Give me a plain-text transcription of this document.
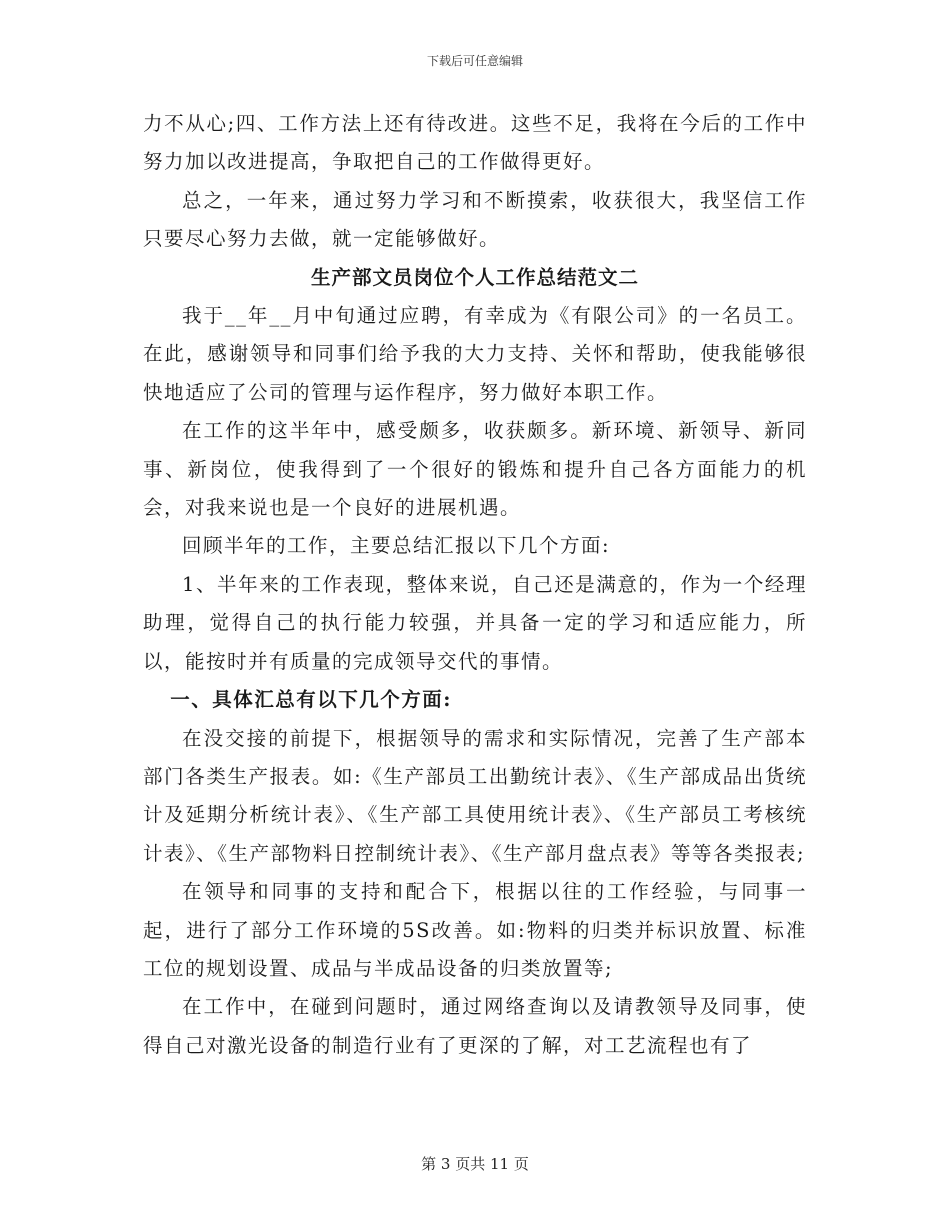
下载后可任意编辑

力不从心;四、工作方法上还有待改进。这些不足，我将在今后的工作中努力加以改进提高，争取把自己的工作做得更好。

总之，一年来，通过努力学习和不断摸索，收获很大，我坚信工作只要尽心努力去做，就一定能够做好。

生产部文员岗位个人工作总结范文二

我于__年__月中旬通过应聘，有幸成为《有限公司》的一名员工。在此，感谢领导和同事们给予我的大力支持、关怀和帮助，使我能够很快地适应了公司的管理与运作程序，努力做好本职工作。

在工作的这半年中，感受颇多，收获颇多。新环境、新领导、新同事、新岗位，使我得到了一个很好的锻炼和提升自己各方面能力的机会，对我来说也是一个良好的进展机遇。

回顾半年的工作，主要总结汇报以下几个方面:

1、半年来的工作表现，整体来说，自己还是满意的，作为一个经理助理，觉得自己的执行能力较强，并具备一定的学习和适应能力，所以，能按时并有质量的完成领导交代的事情。

一、具体汇总有以下几个方面:

在没交接的前提下，根据领导的需求和实际情况，完善了生产部本部门各类生产报表。如:《生产部员工出勤统计表》、《生产部成品出货统计及延期分析统计表》、《生产部工具使用统计表》、《生产部员工考核统计表》、《生产部物料日控制统计表》、《生产部月盘点表》等等各类报表;

在领导和同事的支持和配合下，根据以往的工作经验，与同事一起，进行了部分工作环境的5S改善。如:物料的归类并标识放置、标准工位的规划设置、成品与半成品设备的归类放置等;

在工作中，在碰到问题时，通过网络查询以及请教领导及同事，使得自己对激光设备的制造行业有了更深的了解，对工艺流程也有了

第 3 页共 11 页
